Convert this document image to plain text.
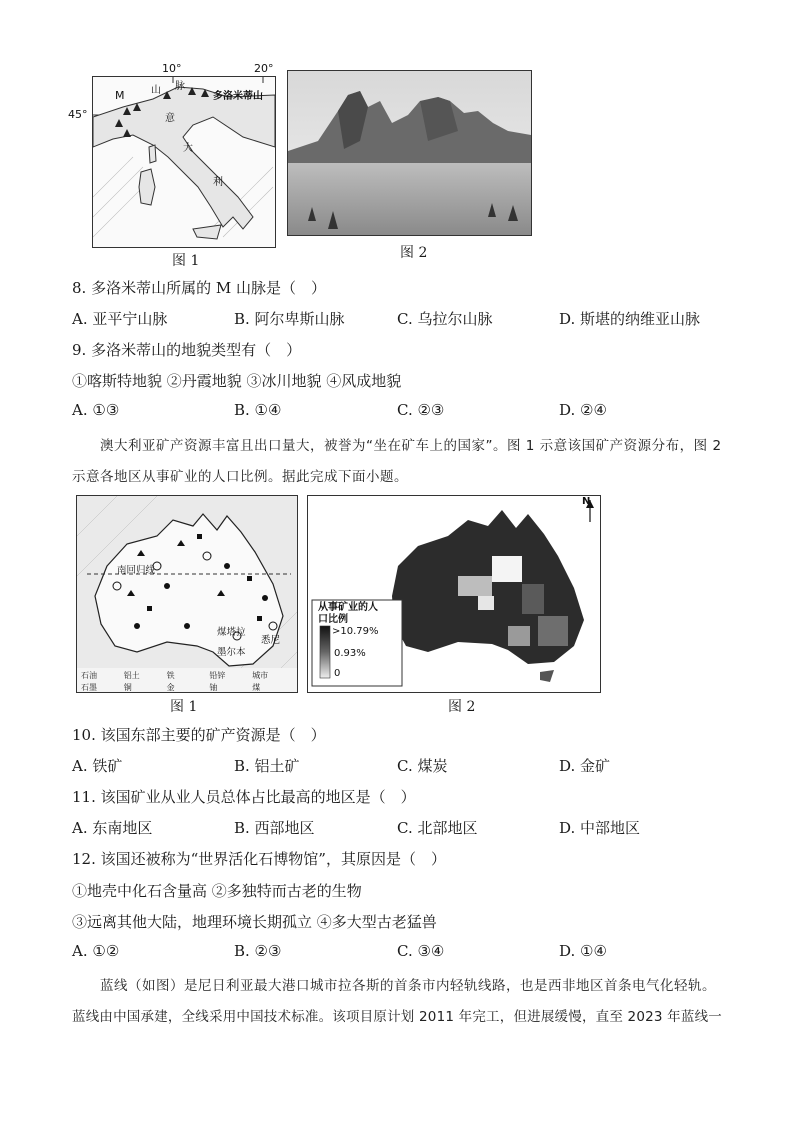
M	山 脉
多洛米蒂山
意
大
利
10°	20°
45°
图 1	图 2
8. 多洛米蒂山所属的 M 山脉是（　）
A. 亚平宁山脉	B. 阿尔卑斯山脉	C. 乌拉尔山脉	D. 斯堪的纳维亚山脉
9. 多洛米蒂山的地貌类型有（　）
①喀斯特地貌 ②丹霞地貌 ③冰川地貌 ④风成地貌
A. ①③	B. ①④	C. ②③	D. ②④
澳大利亚矿产资源丰富且出口量大，被誉为“坐在矿车上的国家”。图 1 示意该国矿产资源分布，图 2
示意各地区从事矿业的人口比例。据此完成下面小题。
南回归线
煤塔拉
悉尼
墨尔本
石油	铝土	铁	铅锌	城市
石墨	铜	金	铀	煤
图 1
N
从事矿业的人口比例
>10.79%
0.93%
0
图 2
10. 该国东部主要的矿产资源是（　）
A. 铁矿	B. 铝土矿	C. 煤炭	D. 金矿
11. 该国矿业从业人员总体占比最高的地区是（　）
A. 东南地区	B. 西部地区	C. 北部地区	D. 中部地区
12. 该国还被称为“世界活化石博物馆”，其原因是（　）
①地壳中化石含量高 ②多独特而古老的生物
③远离其他大陆，地理环境长期孤立 ④多大型古老猛兽
A. ①②	B. ②③	C. ③④	D. ①④
蓝线（如图）是尼日利亚最大港口城市拉各斯的首条市内轻轨线路，也是西非地区首条电气化轻轨。
蓝线由中国承建，全线采用中国技术标准。该项目原计划 2011 年完工，但进展缓慢，直至 2023 年蓝线一
